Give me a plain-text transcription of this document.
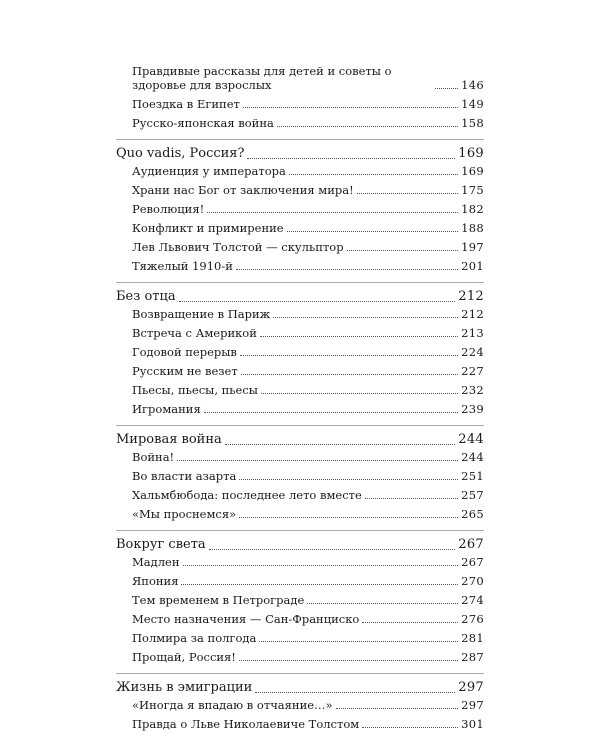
Правдивые рассказы для детей и советы о здоровье для взрослых	146
Поездка в Египет	149
Русско-японская война	158
Quo vadis, Россия?	169
Аудиенция у императора	169
Храни нас Бог от заключения мира!	175
Революция!	182
Конфликт и примирение	188
Лев Львович Толстой — скульптор	197
Тяжелый 1910-й	201
Без отца	212
Возвращение в Париж	212
Встреча с Америкой	213
Годовой перерыв	224
Русским не везет	227
Пьесы, пьесы, пьесы	232
Игромания	239
Мировая война	244
Война!	244
Во власти азарта	251
Хальмбюбода: последнее лето вместе	257
«Мы проснемся»	265
Вокруг света	267
Мадлен	267
Япония	270
Тем временем в Петрограде	274
Место назначения — Сан-Франциско	276
Полмира за полгода	281
Прощай, Россия!	287
Жизнь в эмиграции	297
«Иногда я впадаю в отчаяние…»	297
Правда о Льве Николаевиче Толстом	301
